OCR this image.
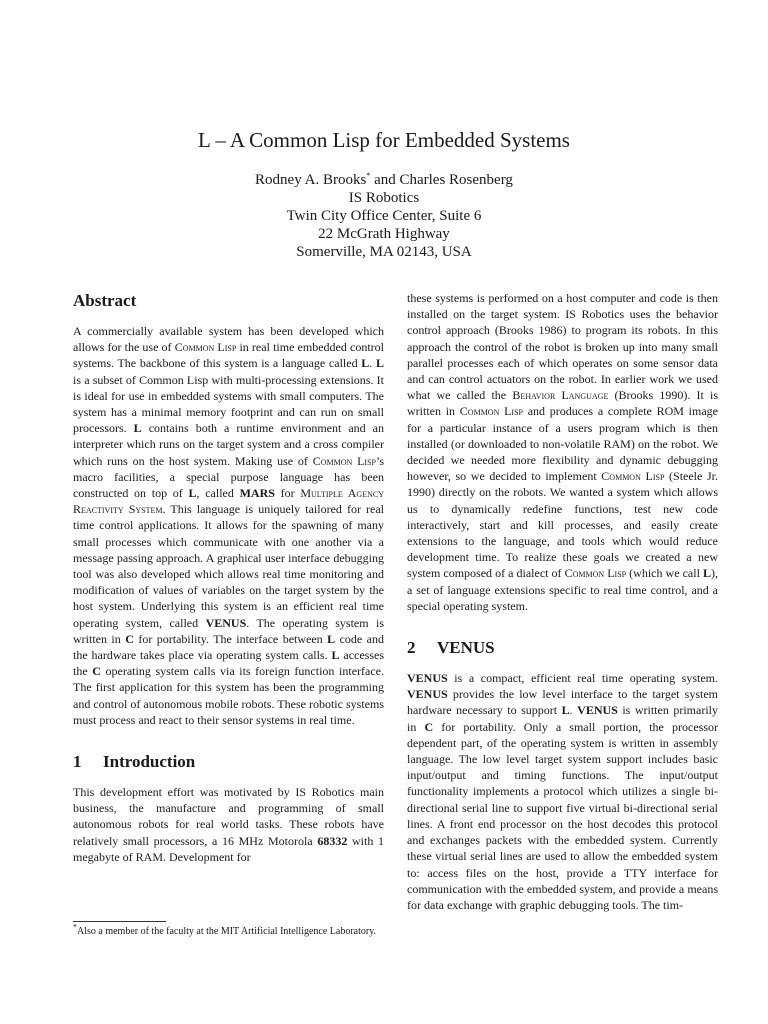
L – A Common Lisp for Embedded Systems
Rodney A. Brooks* and Charles Rosenberg
IS Robotics
Twin City Office Center, Suite 6
22 McGrath Highway
Somerville, MA 02143, USA
Abstract

A commercially available system has been developed which allows for the use of Common Lisp in real time embedded control systems. The backbone of this system is a language called L. L is a subset of Common Lisp with multi-processing extensions. It is ideal for use in embedded systems with small computers. The system has a minimal memory footprint and can run on small processors. L contains both a runtime environment and an interpreter which runs on the target system and a cross compiler which runs on the host system. Making use of Common Lisp’s macro facilities, a special purpose language has been constructed on top of L, called MARS for Multiple Agency Reactivity System. This language is uniquely tailored for real time control applications. It allows for the spawning of many small processes which communicate with one another via a message passing approach. A graphical user interface debugging tool was also developed which allows real time monitoring and modification of values of variables on the target system by the host system. Underlying this system is an efficient real time operating system, called VENUS. The operating system is written in C for portability. The interface between L code and the hardware takes place via operating system calls. L accesses the C operating system calls via its foreign function interface. The first application for this system has been the programming and control of autonomous mobile robots. These robotic systems must process and react to their sensor systems in real time.

1 Introduction

This development effort was motivated by IS Robotics main business, the manufacture and programming of small autonomous robots for real world tasks. These robots have relatively small processors, a 16 MHz Motorola 68332 with 1 megabyte of RAM. Development for

*Also a member of the faculty at the MIT Artificial Intelligence Laboratory.

these systems is performed on a host computer and code is then installed on the target system. IS Robotics uses the behavior control approach (Brooks 1986) to program its robots. In this approach the control of the robot is broken up into many small parallel processes each of which operates on some sensor data and can control actuators on the robot. In earlier work we used what we called the Behavior Language (Brooks 1990). It is written in Common Lisp and produces a complete ROM image for a particular instance of a users program which is then installed (or downloaded to non-volatile RAM) on the robot. We decided we needed more flexibility and dynamic debugging however, so we decided to implement Common Lisp (Steele Jr. 1990) directly on the robots. We wanted a system which allows us to dynamically redefine functions, test new code interactively, start and kill processes, and easily create extensions to the language, and tools which would reduce development time. To realize these goals we created a new system composed of a dialect of Common Lisp (which we call L), a set of language extensions specific to real time control, and a special operating system.

2 VENUS

VENUS is a compact, efficient real time operating system. VENUS provides the low level interface to the target system hardware necessary to support L. VENUS is written primarily in C for portability. Only a small portion, the processor dependent part, of the operating system is written in assembly language. The low level target system support includes basic input/output and timing functions. The input/output functionality implements a protocol which utilizes a single bi-directional serial line to support five virtual bi-directional serial lines. A front end processor on the host decodes this protocol and exchanges packets with the embedded system. Currently these virtual serial lines are used to allow the embedded system to: access files on the host, provide a TTY interface for communication with the embedded system, and provide a means for data exchange with graphic debugging tools. The tim-
